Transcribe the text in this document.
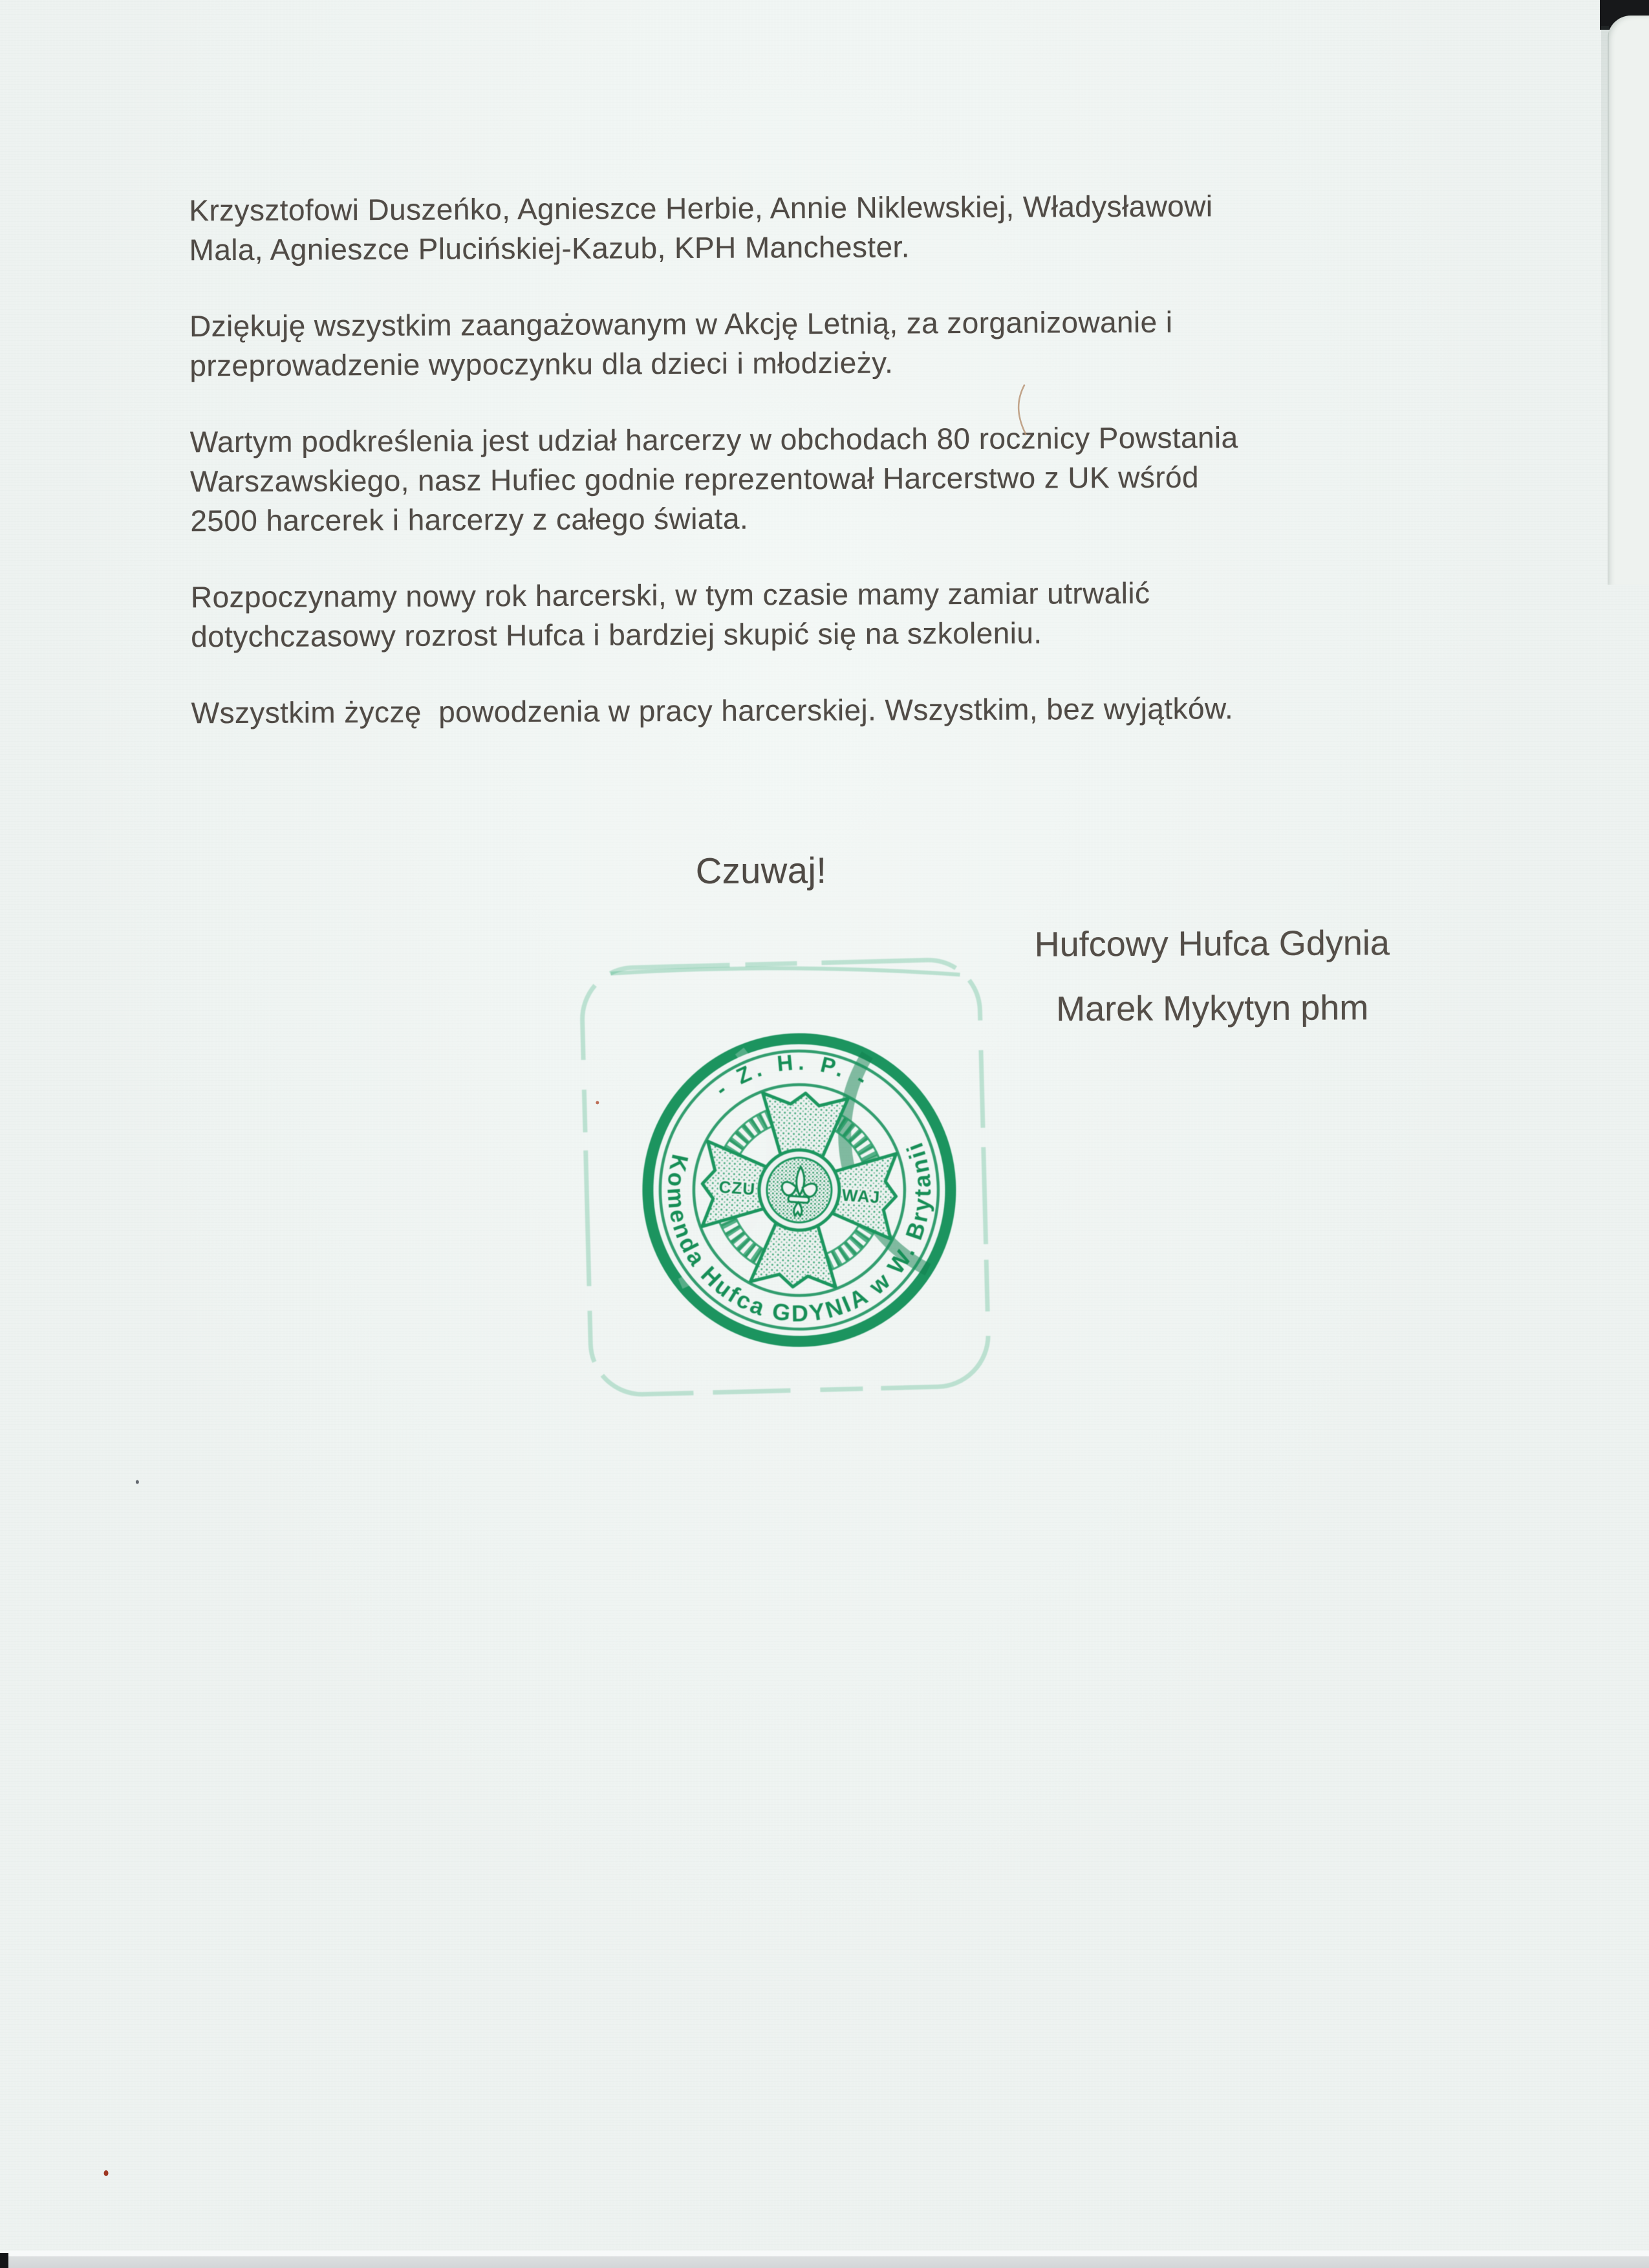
Krzysztofowi Duszeńko, Agnieszce Herbie, Annie Niklewskiej, Władysławowi
Mala, Agnieszce Plucińskiej-Kazub, KPH Manchester.
Dziękuję wszystkim zaangażowanym w Akcję Letnią, za zorganizowanie i
przeprowadzenie wypoczynku dla dzieci i młodzieży.
Wartym podkreślenia jest udział harcerzy w obchodach 80 rocznicy Powstania
Warszawskiego, nasz Hufiec godnie reprezentował Harcerstwo z UK wśród
2500 harcerek i harcerzy z całego świata.
Rozpoczynamy nowy rok harcerski, w tym czasie mamy zamiar utrwalić
dotychczasowy rozrost Hufca i bardziej skupić się na szkoleniu.
Wszystkim życzę  powodzenia w pracy harcerskiej. Wszystkim, bez wyjątków.
Czuwaj!
Hufcowy Hufca Gdynia
Marek Mykytyn phm
- Z. H. P. -
Komenda Hufca GDYNIA w W. Brytanii
CZU	WAJ
